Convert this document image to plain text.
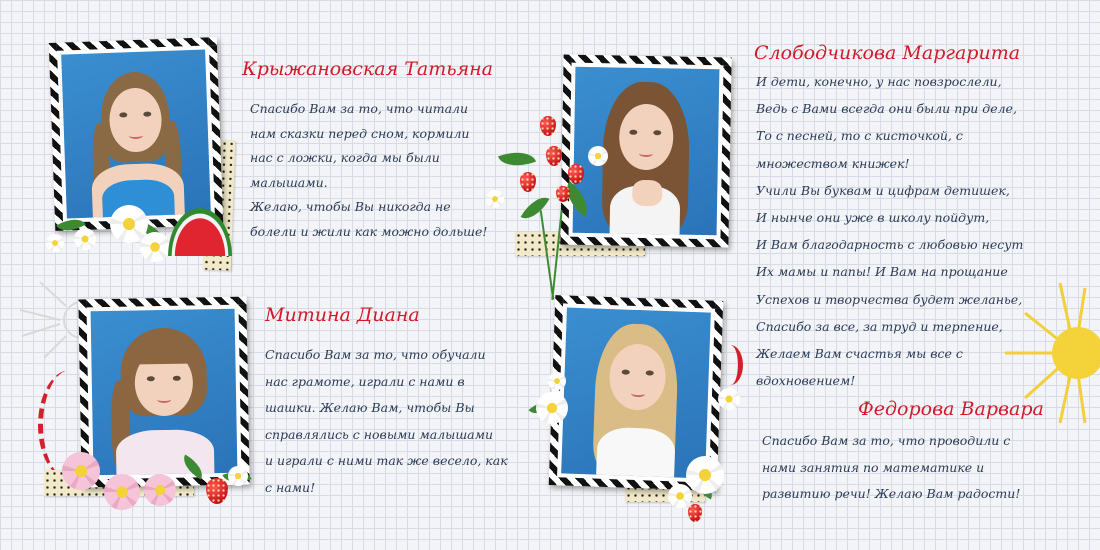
Крыжановская Татьяна
Спасибо Вам за то, что читали
нам сказки перед сном, кормили
нас с ложки, когда мы были
малышами.
Желаю, чтобы Вы никогда не
болели и жили как можно дольше!
Слободчикова Маргарита
И дети, конечно, у нас повзрослели,
Ведь с Вами всегда они были при деле,
То с песней, то с кисточкой, с
множеством книжек!
Учили Вы буквам и цифрам детишек,
И нынче они уже в школу пойдут,
И Вам благодарность с любовью несут
Их мамы и папы! И Вам на прощание
Успехов и творчества будет желанье,
Спасибо за все, за труд и терпение,
Желаем Вам счастья мы все с
вдохновением!
Митина Диана
Спасибо Вам за то, что обучали
нас грамоте, играли с нами в
шашки. Желаю Вам, чтобы Вы
справлялись с новыми малышами
и играли с ними так же весело, как
с нами!
Федорова Варвара
Спасибо Вам за то, что проводили с
нами занятия по математике и
развитию речи! Желаю Вам радости!
